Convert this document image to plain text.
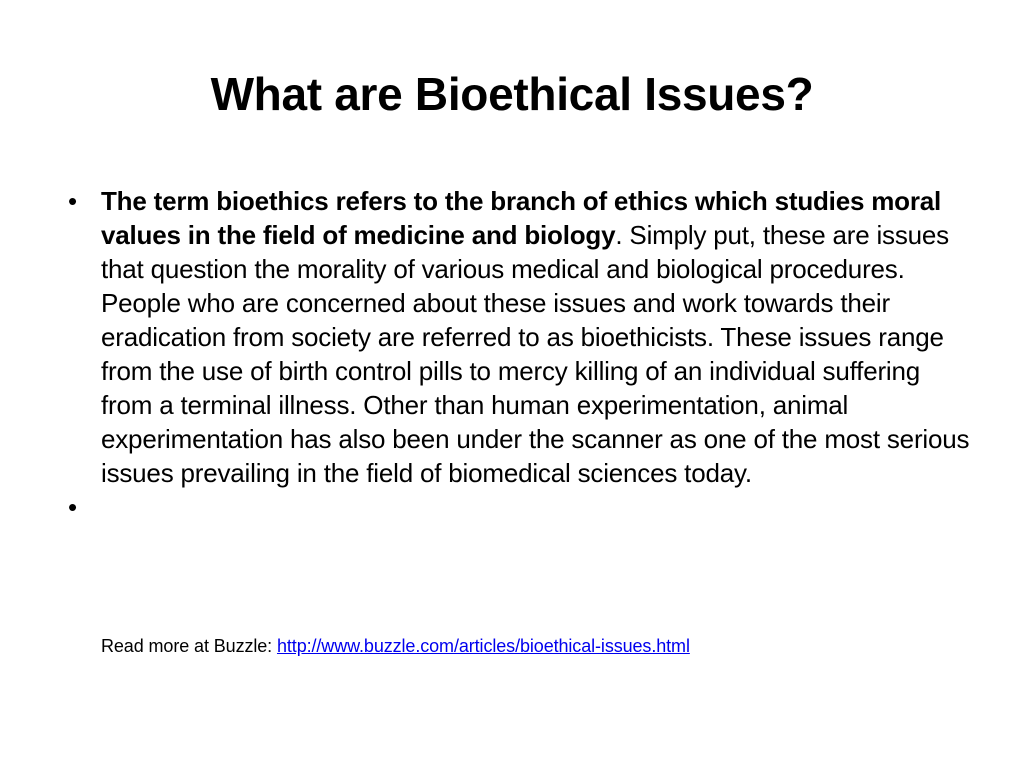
What are Bioethical Issues?
• The term bioethics refers to the branch of ethics which studies moral values in the field of medicine and biology. Simply put, these are issues that question the morality of various medical and biological procedures. People who are concerned about these issues and work towards their eradication from society are referred to as bioethicists. These issues range from the use of birth control pills to mercy killing of an individual suffering from a terminal illness. Other than human experimentation, animal experimentation has also been under the scanner as one of the most serious issues prevailing in the field of biomedical sciences today.
•
Read more at Buzzle: http://www.buzzle.com/articles/bioethical-issues.html
